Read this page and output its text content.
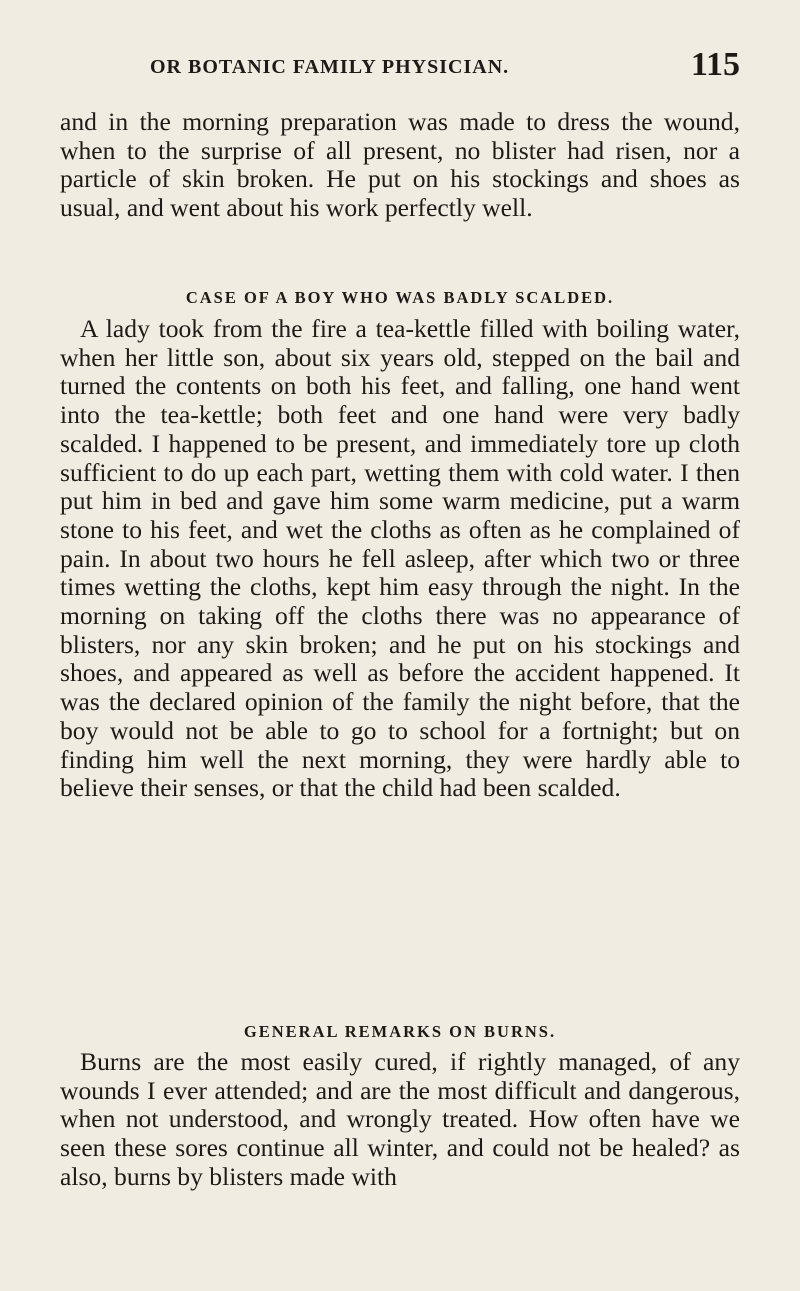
OR BOTANIC FAMILY PHYSICIAN.	115

and in the morning preparation was made to dress the wound, when to the surprise of all present, no blister had risen, nor a particle of skin broken. He put on his stockings and shoes as usual, and went about his work perfectly well.

CASE OF A BOY WHO WAS BADLY SCALDED.

A lady took from the fire a tea-kettle filled with boiling water, when her little son, about six years old, stepped on the bail and turned the contents on both his feet, and falling, one hand went into the tea-kettle; both feet and one hand were very badly scalded. I happened to be present, and immediately tore up cloth sufficient to do up each part, wetting them with cold water. I then put him in bed and gave him some warm medicine, put a warm stone to his feet, and wet the cloths as often as he complained of pain. In about two hours he fell asleep, after which two or three times wetting the cloths, kept him easy through the night. In the morning on taking off the cloths there was no appearance of blisters, nor any skin broken; and he put on his stockings and shoes, and appeared as well as before the accident happened. It was the declared opinion of the family the night before, that the boy would not be able to go to school for a fortnight; but on finding him well the next morning, they were hardly able to believe their senses, or that the child had been scalded.

GENERAL REMARKS ON BURNS.

Burns are the most easily cured, if rightly managed, of any wounds I ever attended; and are the most difficult and dangerous, when not understood, and wrongly treated. How often have we seen these sores continue all winter, and could not be healed? as also, burns by blisters made with
